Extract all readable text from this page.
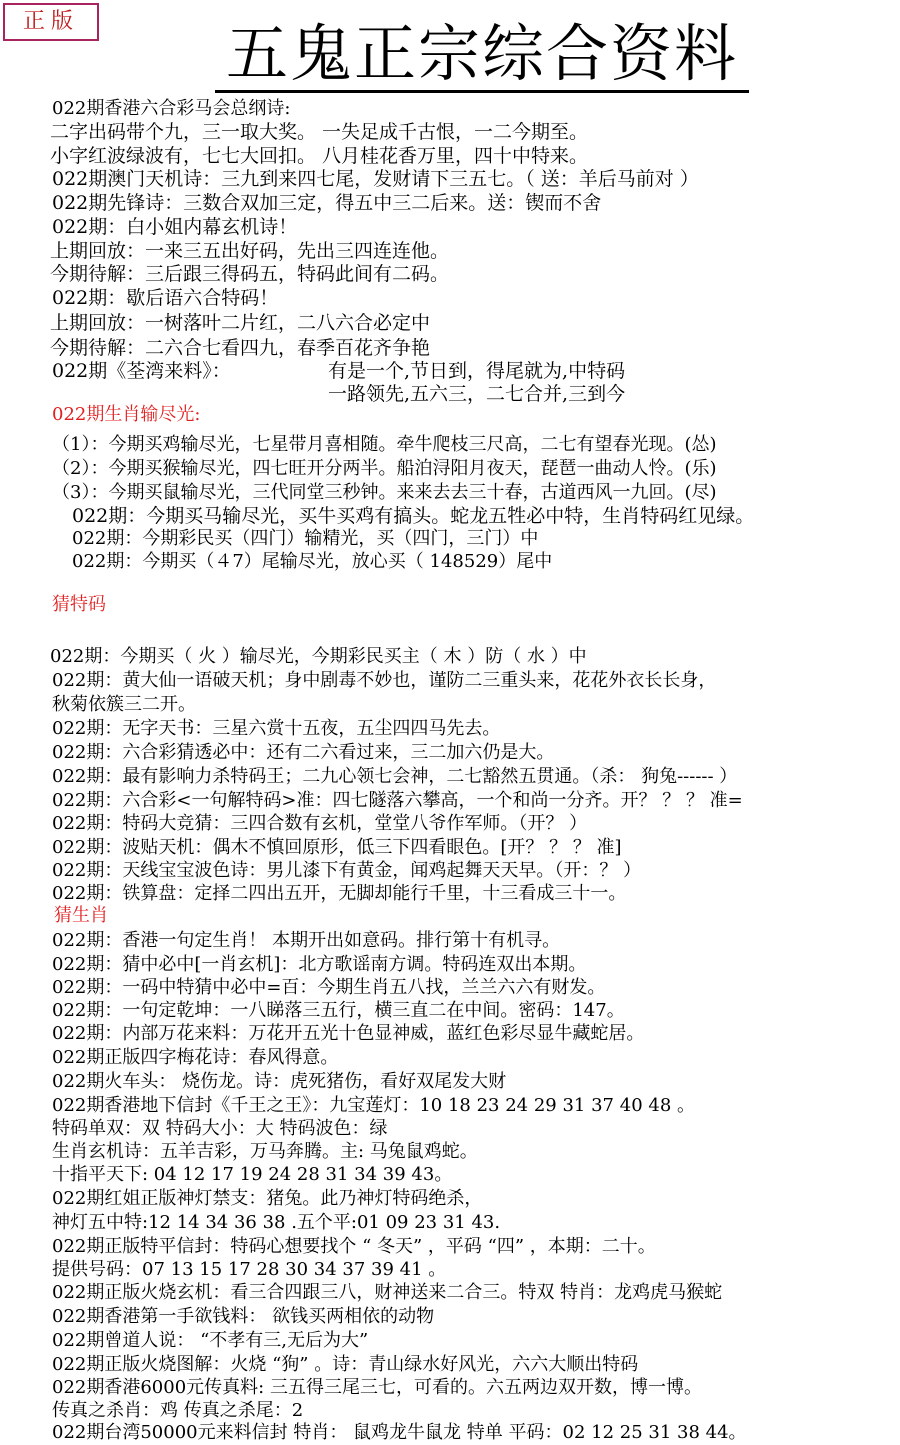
正版	五鬼正宗综合资料
022期香港六合彩马会总纲诗:
二字出码带个九，三一取大奖。 一失足成千古恨，一二今期至。
小字红波绿波有，七七大回扣。 八月桂花香万里，四十中特来。
022期澳门天机诗：三九到来四七尾，发财请下三五七。（ 送：羊后马前对 ）
022期先锋诗：三数合双加三定，得五中三二后来。送：锲而不舍
022期：白小姐内幕玄机诗！
上期回放：一来三五出好码，先出三四连连他。
今期待解：三后跟三得码五，特码此间有二码。
022期：歇后语六合特码！
上期回放：一树落叶二片红，二八六合必定中
今期待解：二六合七看四九，春季百花齐争艳
022期《荃湾来料》：	有是一个,节日到，得尾就为,中特码
一路领先,五六三，二七合并,三到今
022期生肖输尽光:
（1）：今期买鸡输尽光，七星带月喜相随。牵牛爬枝三尺高，二七有望春光现。(怂)
（2）：今期买猴输尽光，四七旺开分两半。船泊浔阳月夜天，琵琶一曲动人怜。(乐)
（3）：今期买鼠输尽光，三代同堂三秒钟。来来去去三十春，古道西风一九回。(尽)
022期：今期买马输尽光，买牛买鸡有搞头。蛇龙五牲必中特，生肖特码红见绿。
022期：今期彩民买（四门）输精光，买（四门，三门）中
022期：今期买（４7）尾输尽光，放心买（ 148529）尾中
猜特码
022期：今期买（ 火 ）输尽光，今期彩民买主（ 木 ）防（ 水 ）中
022期：黄大仙一语破天机；身中剧毒不妙也，谨防二三重头来，花花外衣长长身，
秋菊依簇三二开。
022期：无字天书：三星六赏十五夜，五尘四四马先去。
022期：六合彩猜透必中：还有二六看过来，三二加六仍是大。
022期：最有影响力杀特码王；二九心领七会神，二七豁然五贯通。（杀： 狗兔------ ）
022期：六合彩<一句解特码>准：四七隧落六攀高，一个和尚一分齐。开？ ？ ？ 准=
022期：特码大竞猜：三四合数有玄机，堂堂八爷作军师。（开？ ）
022期：波贴天机：偶木不慎回原形，低三下四看眼色。[开？ ？ ？ 准]
022期：天线宝宝波色诗：男儿漆下有黄金，闻鸡起舞天天早。（开：？ ）
022期：铁算盘：定择二四出五开，无脚却能行千里，十三看成三十一。
猜生肖
022期：香港一句定生肖！ 本期开出如意码。排行第十有机寻。
022期：猜中必中[一肖玄机]：北方歌谣南方调。特码连双出本期。
022期：一码中特猜中必中=百：今期生肖五八找，兰兰六六有财发。
022期：一句定乾坤：一八睇落三五行，横三直二在中间。密码：147。
022期：内部万花来料：万花开五光十色显神威，蓝红色彩尽显牛藏蛇居。
022期正版四字梅花诗：春风得意。
022期火车头： 烧伤龙。诗：虎死猪伤，看好双尾发大财
022期香港地下信封《千王之王》：九宝莲灯：10 18 23 24 29 31 37 40 48 。
特码单双：双 特码大小：大 特码波色：绿
生肖玄机诗：五羊吉彩，万马奔腾。主: 马兔鼠鸡蛇。
十指平天下: 04 12 17 19 24 28 31 34 39 43。
022期红姐正版神灯禁支：猪兔。此乃神灯特码绝杀，
神灯五中特:12 14 34 36 38 .五个平:01 09 23 31 43.
022期正版特平信封：特码心想要找个 “ 冬天” ，平码 “四” ，本期：二十。
提供号码：07 13 15 17 28 30 34 37 39 41 。
022期正版火烧玄机：看三合四跟三八，财神送来二合三。特双 特肖：龙鸡虎马猴蛇
022期香港第一手欲钱料： 欲钱买两相依的动物
022期曾道人说： “不孝有三,无后为大”
022期正版火烧图解：火烧 “狗” 。诗：青山绿水好风光，六六大顺出特码
022期香港6000元传真料: 三五得三尾三七，可看的。六五两边双开数，博一博。
传真之杀肖：鸡 传真之杀尾：2
022期台湾50000元来料信封 特肖： 鼠鸡龙牛鼠龙 特单 平码：02 12 25 31 38 44。
